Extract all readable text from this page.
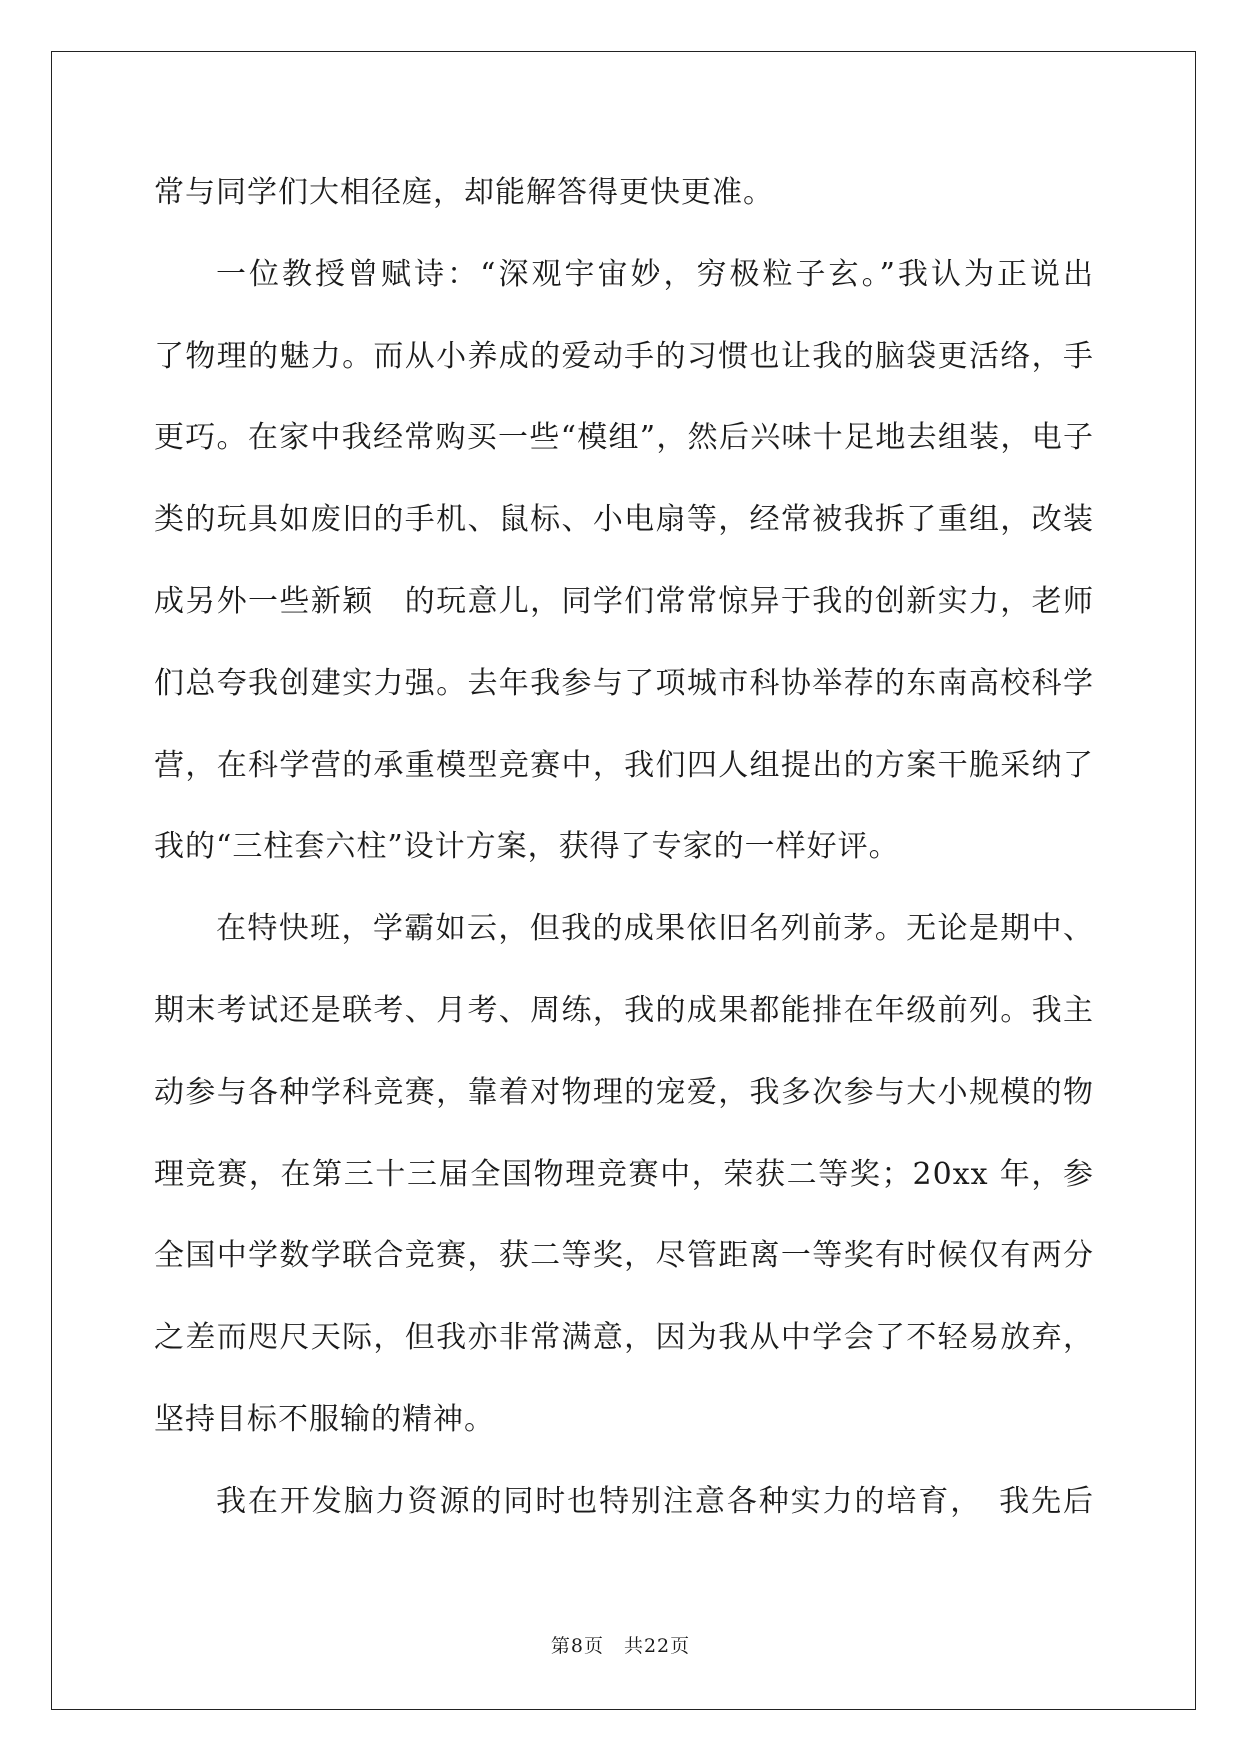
常与同学们大相径庭，却能解答得更快更准。
一位教授曾赋诗：“深观宇宙妙，穷极粒子玄。”我认为正说出
了物理的魅力。而从小养成的爱动手的习惯也让我的脑袋更活络，手
更巧。在家中我经常购买一些“模组”，然后兴味十足地去组装，电子
类的玩具如废旧的手机、鼠标、小电扇等，经常被我拆了重组，改装
成另外一些新颖　的玩意儿，同学们常常惊异于我的创新实力，老师
们总夸我创建实力强。去年我参与了项城市科协举荐的东南高校科学
营，在科学营的承重模型竞赛中，我们四人组提出的方案干脆采纳了
我的“三柱套六柱”设计方案，获得了专家的一样好评。
在特快班，学霸如云，但我的成果依旧名列前茅。无论是期中、
期末考试还是联考、月考、周练，我的成果都能排在年级前列。我主
动参与各种学科竞赛，靠着对物理的宠爱，我多次参与大小规模的物
理竞赛，在第三十三届全国物理竞赛中，荣获二等奖；20xx 年，参
全国中学数学联合竞赛，获二等奖，尽管距离一等奖有时候仅有两分
之差而咫尺天际，但我亦非常满意，因为我从中学会了不轻易放弃，
坚持目标不服输的精神。
我在开发脑力资源的同时也特别注意各种实力的培育，　我先后
第8页　共22页
